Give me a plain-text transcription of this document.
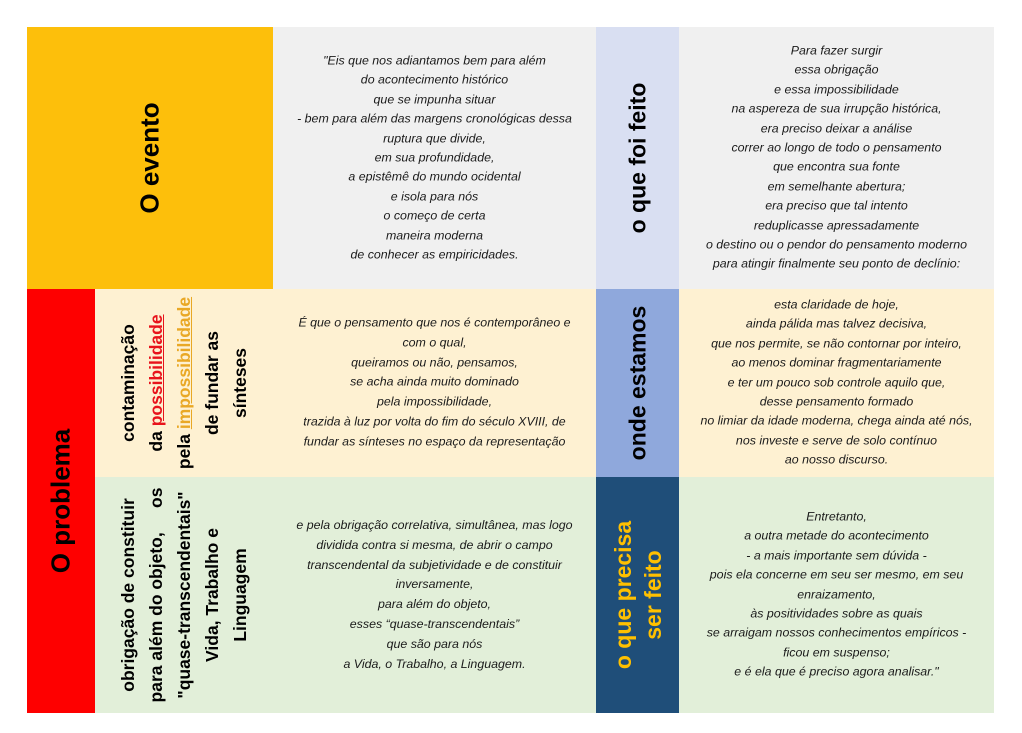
O evento
"Eis que nos adiantamos bem para além
do acontecimento histórico
que se impunha situar
- bem para além das margens cronológicas dessa
ruptura que divide,
em sua profundidade,
a epistêmê do mundo ocidental
e isola para nós
o começo de certa
maneira moderna
de conhecer as empiricidades.
o que foi feito
Para fazer surgir
essa obrigação
e essa impossibilidade
na aspereza de sua irrupção histórica,
era preciso deixar a análise
correr ao longo de todo o pensamento
que encontra sua fonte
em semelhante abertura;
era preciso que tal intento
reduplicasse apressadamente
o destino ou o pendor do pensamento moderno
para atingir finalmente seu ponto de declínio:
O problema
contaminação da possibilidade
pela impossibilidade de fundar as sínteses
É que o pensamento que nos é contemporâneo e
com o qual,
queiramos ou não, pensamos,
se acha ainda muito dominado
pela impossibilidade,
trazida à luz por volta do fim do século XVIII, de
fundar as sínteses no espaço da representação	onde estamos
esta claridade de hoje,
ainda pálida mas talvez decisiva,
que nos permite, se não contornar por inteiro,
ao menos dominar fragmentariamente
e ter um pouco sob controle aquilo que,
desse pensamento formado
no limiar da idade moderna, chega ainda até nós,
nos investe e serve de solo contínuo
ao nosso discurso.
obrigação de constituir para além do objeto,     os "quase-transcendentais" Vida, Trabalho e Linguagem
e pela obrigação correlativa, simultânea, mas logo
dividida contra si mesma, de abrir o campo
transcendental da subjetividade e de constituir
inversamente,
para além do objeto,
esses “quase-transcendentais”
que são para nós
a Vida, o Trabalho, a Linguagem.	o que precisa ser feito
Entretanto,
a outra metade do acontecimento
- a mais importante sem dúvida -
pois ela concerne em seu ser mesmo, em seu
enraizamento,
às positividades sobre as quais
se arraigam nossos conhecimentos empíricos -
ficou em suspenso;
e é ela que é preciso agora analisar."
